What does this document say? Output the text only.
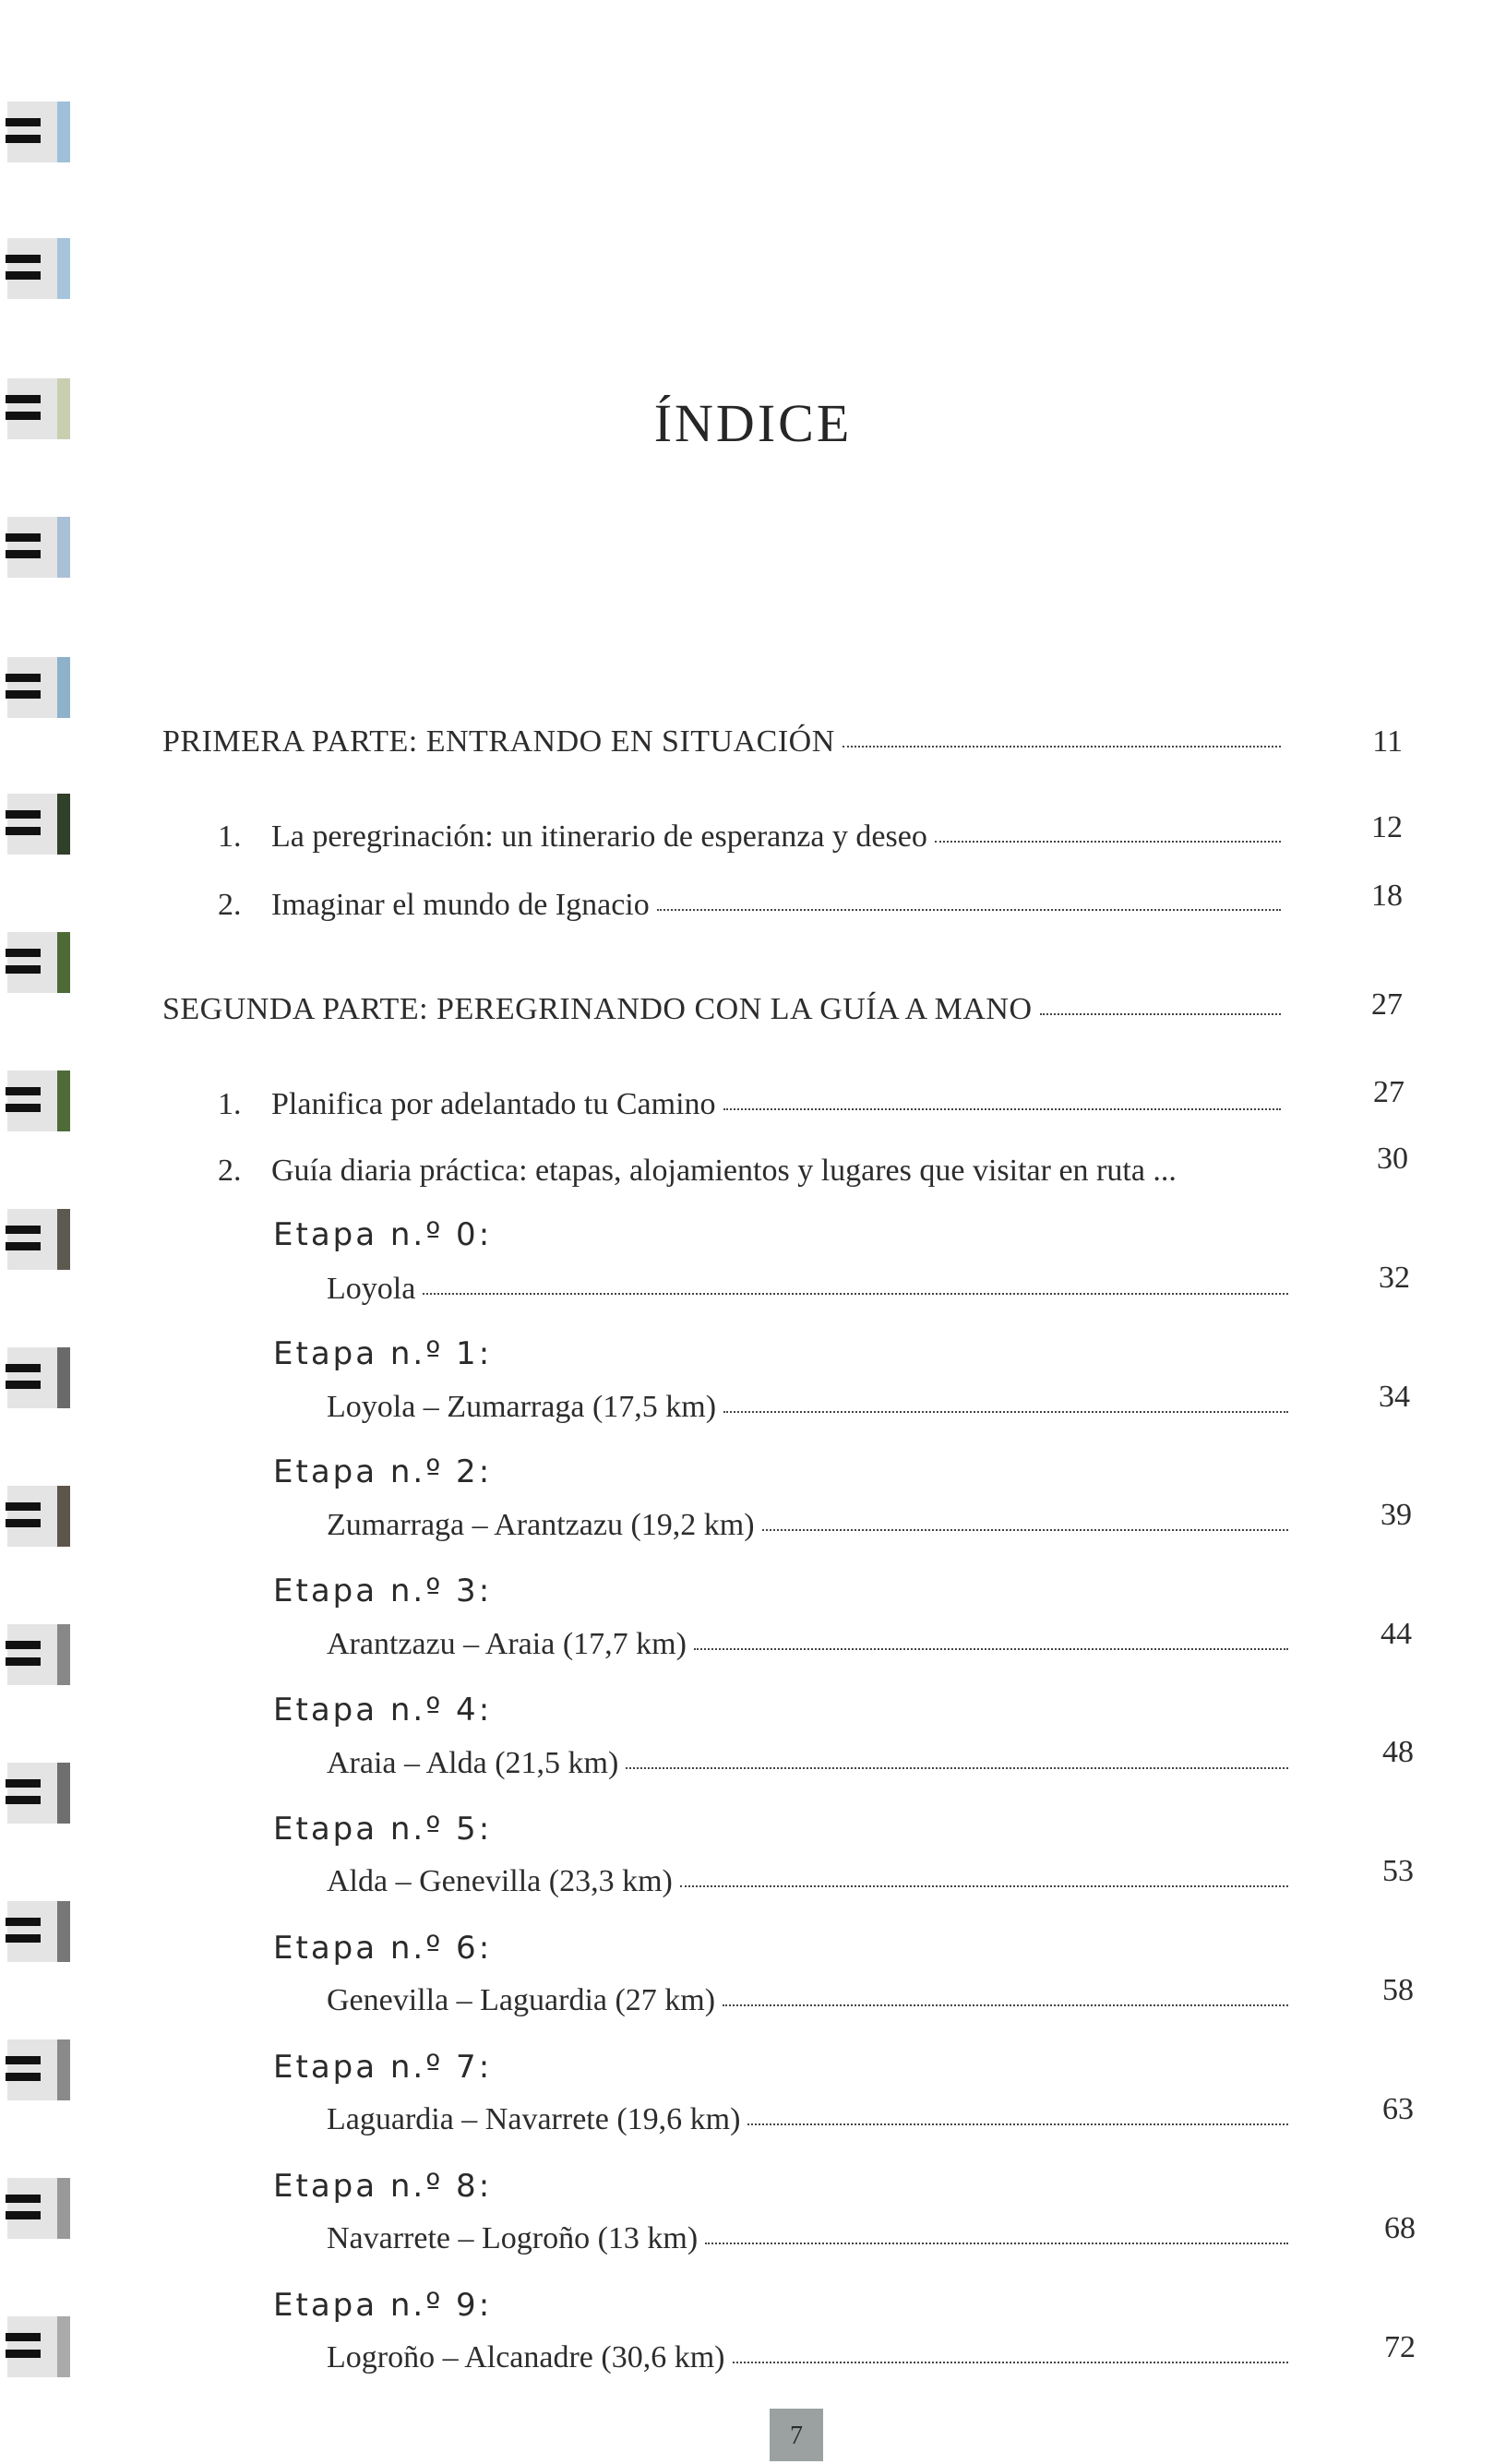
ÍNDICE
PRIMERA PARTE: ENTRANDO EN SITUACIÓN	11
1. La peregrinación: un itinerario de esperanza y deseo	12
2. Imaginar el mundo de Ignacio	18
SEGUNDA PARTE: PEREGRINANDO CON LA GUÍA A MANO	27
1. Planifica por adelantado tu Camino	27
2. Guía diaria práctica: etapas, alojamientos y lugares que visitar en ruta ...	30
Etapa n.º 0:
Loyola	32
Etapa n.º 1:
Loyola – Zumarraga (17,5 km)	34
Etapa n.º 2:
Zumarraga – Arantzazu (19,2 km)	39
Etapa n.º 3:
Arantzazu – Araia (17,7 km)	44
Etapa n.º 4:
Araia – Alda (21,5 km)	48
Etapa n.º 5:
Alda – Genevilla (23,3 km)	53
Etapa n.º 6:
Genevilla – Laguardia (27 km)	58
Etapa n.º 7:
Laguardia – Navarrete (19,6 km)	63
Etapa n.º 8:
Navarrete – Logroño (13 km)	68
Etapa n.º 9:
Logroño – Alcanadre (30,6 km)	72
7
